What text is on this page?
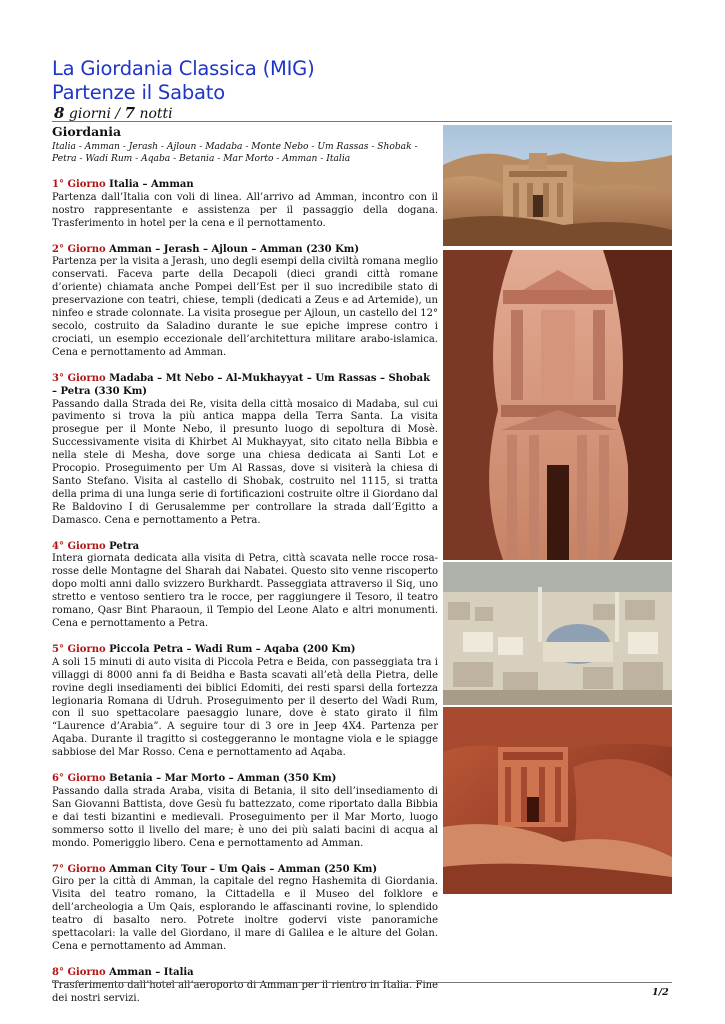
La Giordania Classica (MIG)
Partenze il Sabato
8 giorni / 7 notti
Giordania

Italia - Amman - Jerash - Ajloun - Madaba - Monte Nebo - Um Rassas - Shobak - Petra - Wadi Rum - Aqaba - Betania - Mar Morto - Amman - Italia

1° Giorno Italia – Amman

Partenza dall’Italia con voli di linea. All’arrivo ad Amman, incontro con il nostro rappresentante e assistenza per il passaggio della dogana. Trasferimento in hotel per la cena e il pernottamento.

2° Giorno Amman – Jerash – Ajloun – Amman (230 Km)

Partenza per la visita a Jerash, uno degli esempi della civiltà romana meglio conservati. Faceva parte della Decapoli (dieci grandi città romane d’oriente) chiamata anche Pompei dell’Est per il suo incredibile stato di preservazione con teatri, chiese, templi (dedicati a Zeus e ad Artemide), un ninfeo e strade colonnate. La visita prosegue per Ajloun, un castello del 12° secolo, costruito da Saladino durante le sue epiche imprese contro i crociati, un esempio eccezionale dell’architettura militare arabo-islamica. Cena e pernottamento ad Amman.

3° Giorno Madaba – Mt Nebo – Al-Mukhayyat – Um Rassas – Shobak – Petra (330 Km)

Passando dalla Strada dei Re, visita della città mosaico di Madaba, sul cui pavimento si trova la più antica mappa della Terra Santa. La visita prosegue per il Monte Nebo, il presunto luogo di sepoltura di Mosè. Successivamente visita di Khirbet Al Mukhayyat, sito citato nella Bibbia e nella stele di Mesha, dove sorge una chiesa dedicata ai Santi Lot e Procopio. Proseguimento per Um Al Rassas, dove si visiterà la chiesa di Santo Stefano. Visita al castello di Shobak, costruito nel 1115, si tratta della prima di una lunga serie di fortificazioni costruite oltre il Giordano dal Re Baldovino I di Gerusalemme per controllare la strada dall’Egitto a Damasco. Cena e pernottamento a Petra.

4° Giorno Petra

Intera giornata dedicata alla visita di Petra, città scavata nelle rocce rosa-rosse delle Montagne del Sharah dai Nabatei. Questo sito venne riscoperto dopo molti anni dallo svizzero Burkhardt. Passeggiata attraverso il Siq, uno stretto e ventoso sentiero tra le rocce, per raggiungere il Tesoro, il teatro romano, Qasr Bint Pharaoun, il Tempio del Leone Alato e altri monumenti. Cena e pernottamento a Petra.

5° Giorno Piccola Petra – Wadi Rum – Aqaba (200 Km)

A soli 15 minuti di auto visita di Piccola Petra e Beida, con passeggiata tra i villaggi di 8000 anni fa di Beidha e Basta scavati all’età della Pietra, delle rovine degli insediamenti dei biblici Edomiti, dei resti sparsi della fortezza legionaria Romana di Udruh. Proseguimento per il deserto del Wadi Rum, con il suo spettacolare paesaggio lunare, dove è stato girato il film “Laurence d’Arabia”. A seguire tour di 3 ore in Jeep 4X4. Partenza per Aqaba. Durante il tragitto si costeggeranno le montagne viola e le spiagge sabbiose del Mar Rosso. Cena e pernottamento ad Aqaba.

6° Giorno Betania – Mar Morto – Amman (350 Km)

Passando dalla strada Araba, visita di Betania, il sito dell’insediamento di San Giovanni Battista, dove Gesù fu battezzato, come riportato dalla Bibbia e dai testi bizantini e medievali. Proseguimento per il Mar Morto, luogo sommerso sotto il livello del mare; è uno dei più salati bacini di acqua al mondo. Pomeriggio libero. Cena e pernottamento ad Amman.

7° Giorno Amman City Tour – Um Qais – Amman (250 Km)

Giro per la città di Amman, la capitale del regno Hashemita di Giordania. Visita del teatro romano, la Cittadella e il Museo del folklore e dell’archeologia a Um Qais, esplorando le affascinanti rovine, lo splendido teatro di basalto nero. Potrete inoltre godervi viste panoramiche spettacolari: la valle del Giordano, il mare di Galilea e le alture del Golan. Cena e pernottamento ad Amman.

8° Giorno Amman – Italia

Trasferimento dall’hotel all’aeroporto di Amman per il rientro in Italia. Fine dei nostri servizi.

1/2
